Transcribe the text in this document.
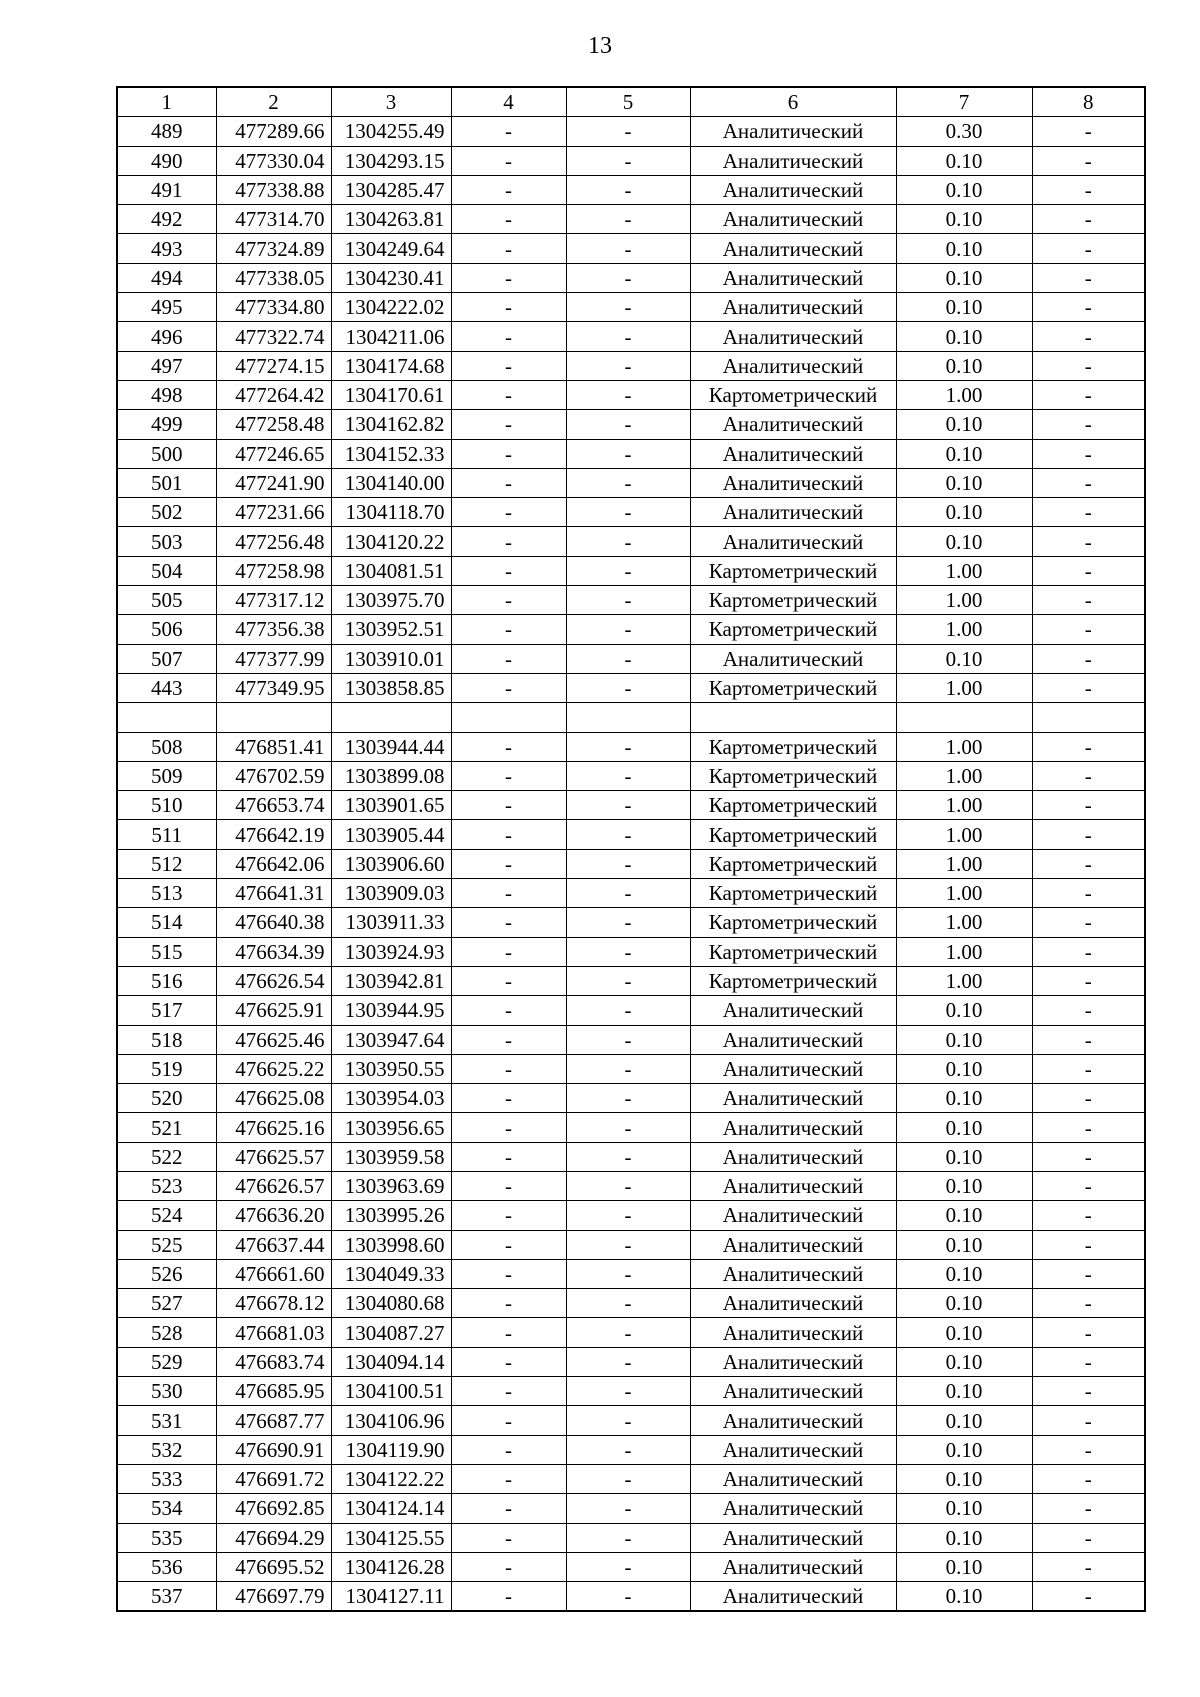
13
1	2	3	4	5	6	7	8
489	477289.66	1304255.49	-	-	Аналитический	0.30	-
490	477330.04	1304293.15	-	-	Аналитический	0.10	-
491	477338.88	1304285.47	-	-	Аналитический	0.10	-
492	477314.70	1304263.81	-	-	Аналитический	0.10	-
493	477324.89	1304249.64	-	-	Аналитический	0.10	-
494	477338.05	1304230.41	-	-	Аналитический	0.10	-
495	477334.80	1304222.02	-	-	Аналитический	0.10	-
496	477322.74	1304211.06	-	-	Аналитический	0.10	-
497	477274.15	1304174.68	-	-	Аналитический	0.10	-
498	477264.42	1304170.61	-	-	Картометрический	1.00	-
499	477258.48	1304162.82	-	-	Аналитический	0.10	-
500	477246.65	1304152.33	-	-	Аналитический	0.10	-
501	477241.90	1304140.00	-	-	Аналитический	0.10	-
502	477231.66	1304118.70	-	-	Аналитический	0.10	-
503	477256.48	1304120.22	-	-	Аналитический	0.10	-
504	477258.98	1304081.51	-	-	Картометрический	1.00	-
505	477317.12	1303975.70	-	-	Картометрический	1.00	-
506	477356.38	1303952.51	-	-	Картометрический	1.00	-
507	477377.99	1303910.01	-	-	Аналитический	0.10	-
443	477349.95	1303858.85	-	-	Картометрический	1.00	-

508	476851.41	1303944.44	-	-	Картометрический	1.00	-
509	476702.59	1303899.08	-	-	Картометрический	1.00	-
510	476653.74	1303901.65	-	-	Картометрический	1.00	-
511	476642.19	1303905.44	-	-	Картометрический	1.00	-
512	476642.06	1303906.60	-	-	Картометрический	1.00	-
513	476641.31	1303909.03	-	-	Картометрический	1.00	-
514	476640.38	1303911.33	-	-	Картометрический	1.00	-
515	476634.39	1303924.93	-	-	Картометрический	1.00	-
516	476626.54	1303942.81	-	-	Картометрический	1.00	-
517	476625.91	1303944.95	-	-	Аналитический	0.10	-
518	476625.46	1303947.64	-	-	Аналитический	0.10	-
519	476625.22	1303950.55	-	-	Аналитический	0.10	-
520	476625.08	1303954.03	-	-	Аналитический	0.10	-
521	476625.16	1303956.65	-	-	Аналитический	0.10	-
522	476625.57	1303959.58	-	-	Аналитический	0.10	-
523	476626.57	1303963.69	-	-	Аналитический	0.10	-
524	476636.20	1303995.26	-	-	Аналитический	0.10	-
525	476637.44	1303998.60	-	-	Аналитический	0.10	-
526	476661.60	1304049.33	-	-	Аналитический	0.10	-
527	476678.12	1304080.68	-	-	Аналитический	0.10	-
528	476681.03	1304087.27	-	-	Аналитический	0.10	-
529	476683.74	1304094.14	-	-	Аналитический	0.10	-
530	476685.95	1304100.51	-	-	Аналитический	0.10	-
531	476687.77	1304106.96	-	-	Аналитический	0.10	-
532	476690.91	1304119.90	-	-	Аналитический	0.10	-
533	476691.72	1304122.22	-	-	Аналитический	0.10	-
534	476692.85	1304124.14	-	-	Аналитический	0.10	-
535	476694.29	1304125.55	-	-	Аналитический	0.10	-
536	476695.52	1304126.28	-	-	Аналитический	0.10	-
537	476697.79	1304127.11	-	-	Аналитический	0.10	-
